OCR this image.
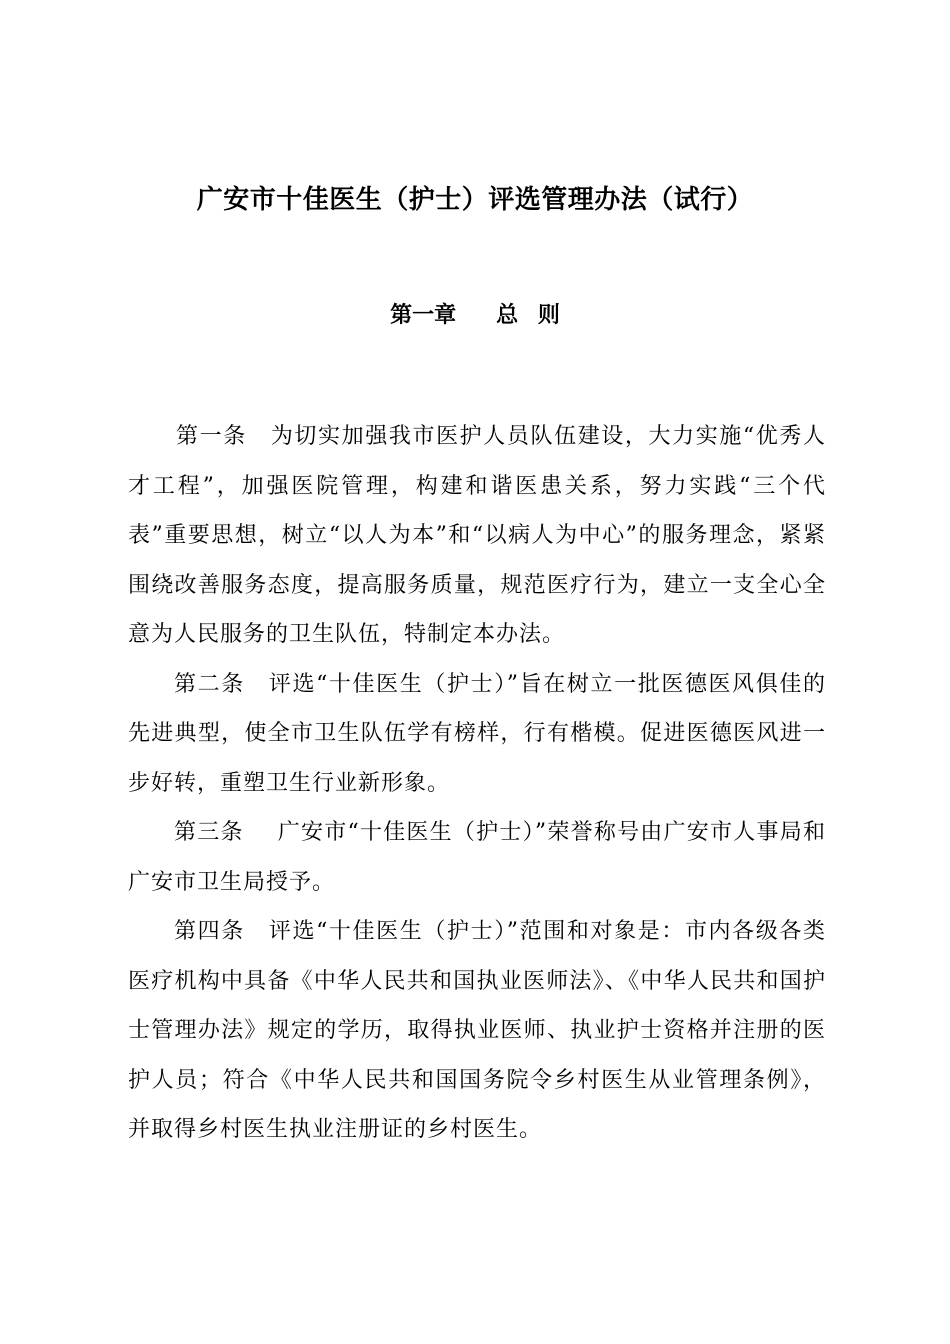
广安市十佳医生（护士）评选管理办法（试行）
第一章 总 则

第一条 为切实加强我市医护人员队伍建设，大力实施“优秀人才工程”，加强医院管理，构建和谐医患关系，努力实践“三个代表”重要思想，树立“以人为本”和“以病人为中心”的服务理念，紧紧围绕改善服务态度，提高服务质量，规范医疗行为，建立一支全心全意为人民服务的卫生队伍，特制定本办法。

第二条 评选“十佳医生（护士）”旨在树立一批医德医风俱佳的先进典型，使全市卫生队伍学有榜样，行有楷模。促进医德医风进一步好转，重塑卫生行业新形象。

第三条 广安市“十佳医生（护士）”荣誉称号由广安市人事局和广安市卫生局授予。

第四条 评选“十佳医生（护士）”范围和对象是：市内各级各类医疗机构中具备《中华人民共和国执业医师法》、《中华人民共和国护士管理办法》规定的学历，取得执业医师、执业护士资格并注册的医护人员；符合《中华人民共和国国务院令乡村医生从业管理条例》，并取得乡村医生执业注册证的乡村医生。
